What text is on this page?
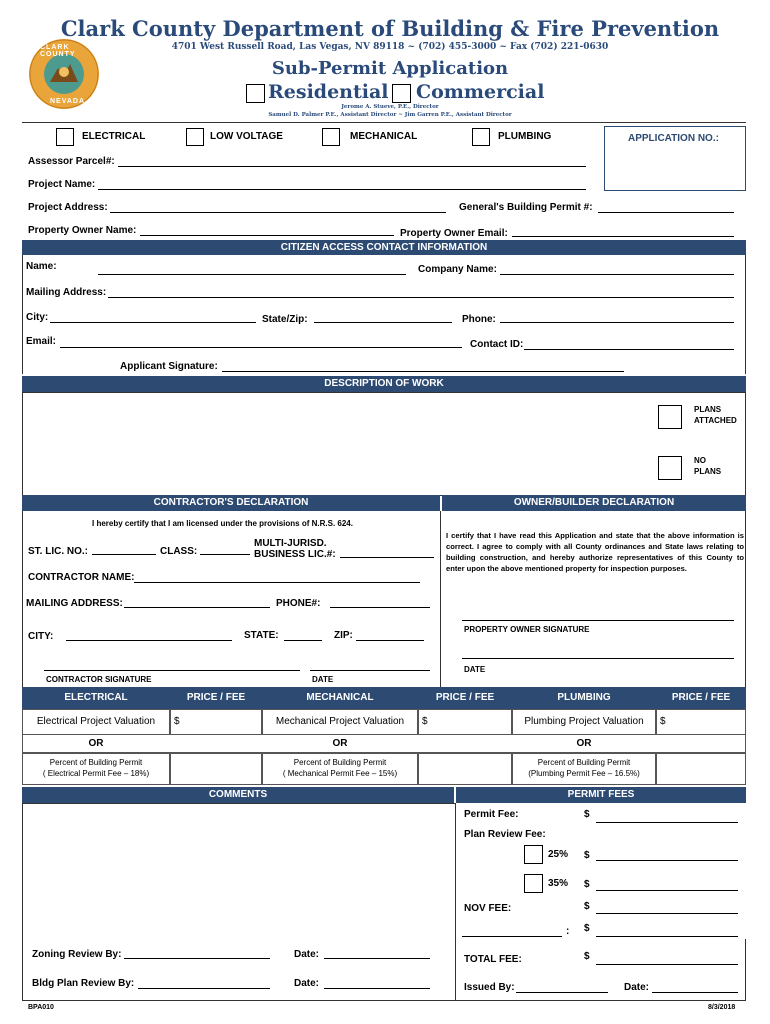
CLARK COUNTY
NEVADA
Clark County Department of Building & Fire Prevention
4701 West Russell Road, Las Vegas, NV 89118 ~ (702) 455-3000 ~ Fax (702) 221-0630
Sub-Permit Application
Residential Commercial
Jerome A. Stueve, P.E., Director
Samuel D. Palmer P.E., Assistant Director ~ Jim Garren P.E., Assistant Director
ELECTRICAL	LOW VOLTAGE	MECHANICAL	PLUMBING	APPLICATION NO.:
Assessor Parcel#:
Project Name:
Project Address:	General's Building Permit #:
Property Owner Name:	Property Owner Email:
CITIZEN ACCESS CONTACT INFORMATION
Name:	Company Name:
Mailing Address:
City:	State/Zip:	Phone:
Email:	Contact ID:
Applicant Signature:
DESCRIPTION OF WORK
PLANS
ATTACHED
NO
PLANS
CONTRACTOR'S DECLARATION	OWNER/BUILDER DECLARATION
I hereby certify that I am licensed under the provisions of N.R.S. 624.
ST. LIC. NO.:	CLASS:
MULTI-JURISD.
BUSINESS LIC.#:
CONTRACTOR NAME:
MAILING ADDRESS:	PHONE#:
CITY:	STATE:	ZIP:
CONTRACTOR SIGNATURE	DATE
I certify that I have read this Application and state that the above information is correct. I agree to comply with all County ordinances and State laws relating to building construction, and hereby authorize representatives of this County to enter upon the above mentioned property for inspection purposes.
PROPERTY OWNER SIGNATURE
DATE
ELECTRICAL	PRICE / FEE	MECHANICAL	PRICE / FEE	PLUMBING	PRICE / FEE
Electrical Project Valuation	$	Mechanical Project Valuation	$	Plumbing Project Valuation	$
OR	OR	OR
Percent of Building Permit
( Electrical Permit Fee – 18%)
Percent of Building Permit
( Mechanical Permit Fee – 15%)
Percent of Building Permit
(Plumbing Permit Fee – 16.5%)
COMMENTS	PERMIT FEES
Zoning Review By:	Date:
Bldg Plan Review By:	Date:
Permit Fee:	$
Plan Review Fee:
25% $
35% $
NOV FEE:	$
: $
TOTAL FEE:	$
Issued By:	Date:
BPA010	8/3/2018
